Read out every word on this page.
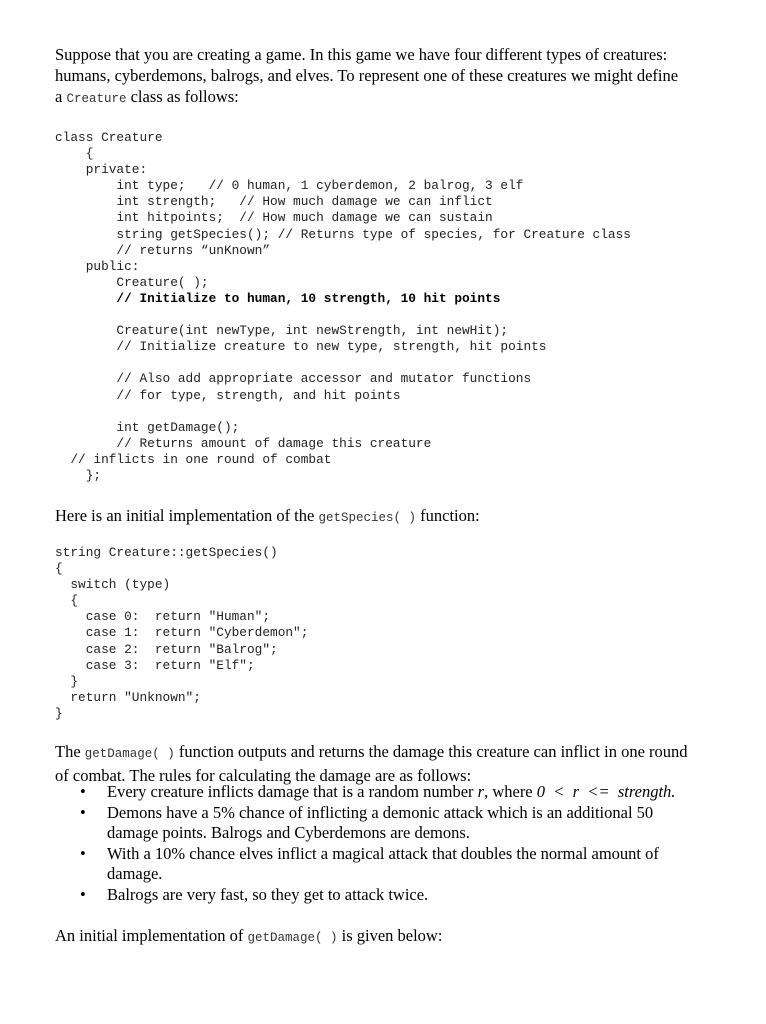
Suppose that you are creating a game. In this game we have four different types of creatures:
humans, cyberdemons, balrogs, and elves. To represent one of these creatures we might define
a Creature class as follows:

class Creature
{
private:
int type;   // 0 human, 1 cyberdemon, 2 balrog, 3 elf
int strength;   // How much damage we can inflict
int hitpoints;  // How much damage we can sustain
string getSpecies(); // Returns type of species, for Creature class
// returns “unKnown”
public:
Creature( );
// Initialize to human, 10 strength, 10 hit points
Creature(int newType, int newStrength, int newHit);
// Initialize creature to new type, strength, hit points
// Also add appropriate accessor and mutator functions
// for type, strength, and hit points
int getDamage();
// Returns amount of damage this creature
// inflicts in one round of combat
};

Here is an initial implementation of the getSpecies( ) function:

string Creature::getSpecies()
{
switch (type)
{
case 0:  return "Human";
case 1:  return "Cyberdemon";
case 2:  return "Balrog";
case 3:  return "Elf";
}
return "Unknown";
}

The getDamage( ) function outputs and returns the damage this creature can inflict in one round
of combat. The rules for calculating the damage are as follows:

• Every creature inflicts damage that is a random number r, where 0  <  r  <=  strength.
• Demons have a 5% chance of inflicting a demonic attack which is an additional 50 damage points. Balrogs and Cyberdemons are demons.
• With a 10% chance elves inflict a magical attack that doubles the normal amount of damage.
• Balrogs are very fast, so they get to attack twice.

An initial implementation of getDamage( ) is given below:
